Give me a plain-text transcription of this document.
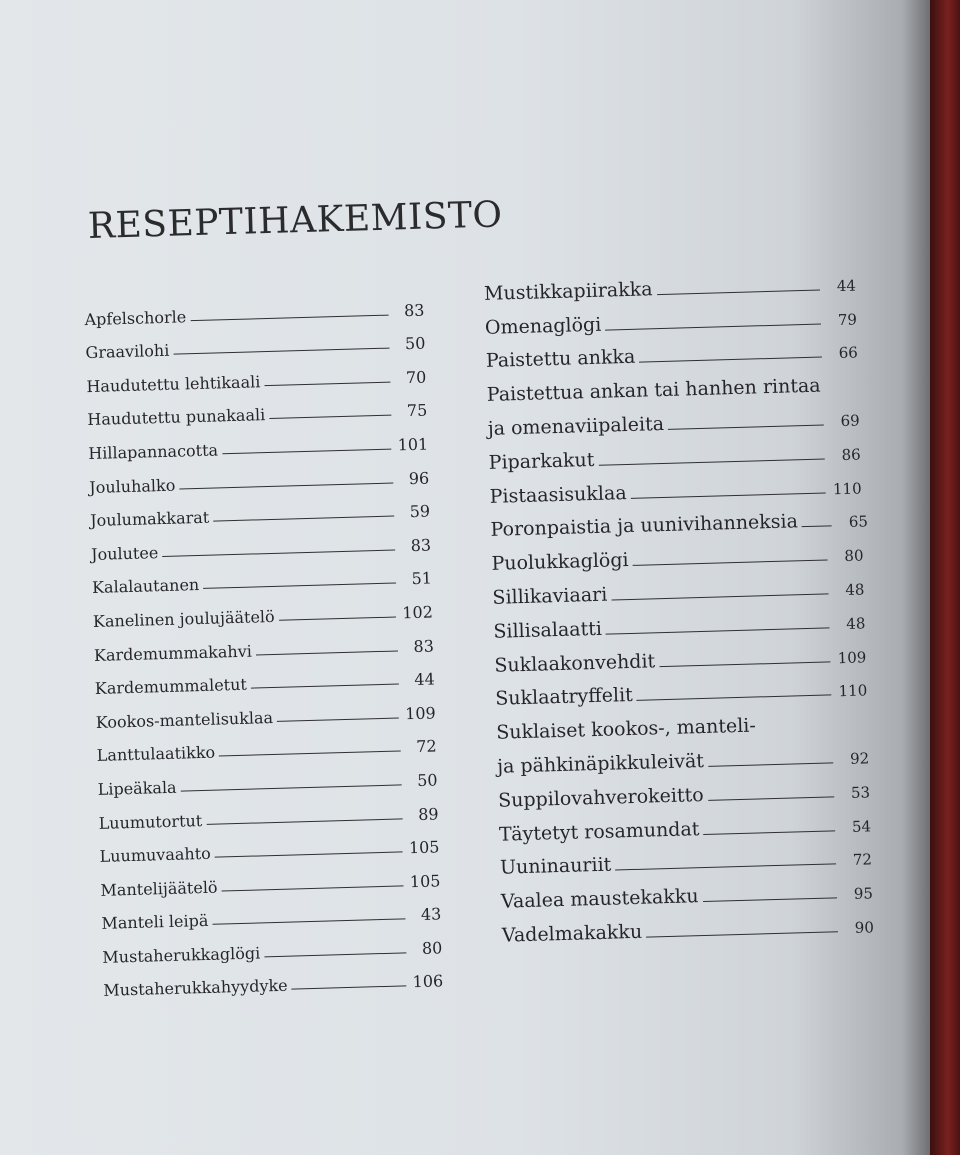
RESEPTIHAKEMISTO
Apfelschorle	83
Graavilohi	50
Haudutettu lehtikaali	70
Haudutettu punakaali	75
Hillapannacotta	101
Jouluhalko	96
Joulumakkarat	59
Joulutee	83
Kalalautanen	51
Kanelinen joulujäätelö	102
Kardemummakahvi	83
Kardemummaletut	44
Kookos-mantelisuklaa	109
Lanttulaatikko	72
Lipeäkala	50
Luumutortut	89
Luumuvaahto	105
Mantelijäätelö	105
Manteli leipä	43
Mustaherukkaglögi	80
Mustaherukkahyydyke	106
Mustikkapiirakka	44
Omenaglögi	79
Paistettu ankka	66
Paistettua ankan tai hanhen rintaa
ja omenaviipaleita	69
Piparkakut	86
Pistaasisuklaa	110
Poronpaistia ja uunivihanneksia	65
Puolukkaglögi	80
Sillikaviaari	48
Sillisalaatti	48
Suklaakonvehdit	109
Suklaatryffelit	110
Suklaiset kookos-, manteli-
ja pähkinäpikkuleivät	92
Suppilovahverokeitto	53
Täytetyt rosamundat	54
Uuninauriit	72
Vaalea maustekakku	95
Vadelmakakku	90
